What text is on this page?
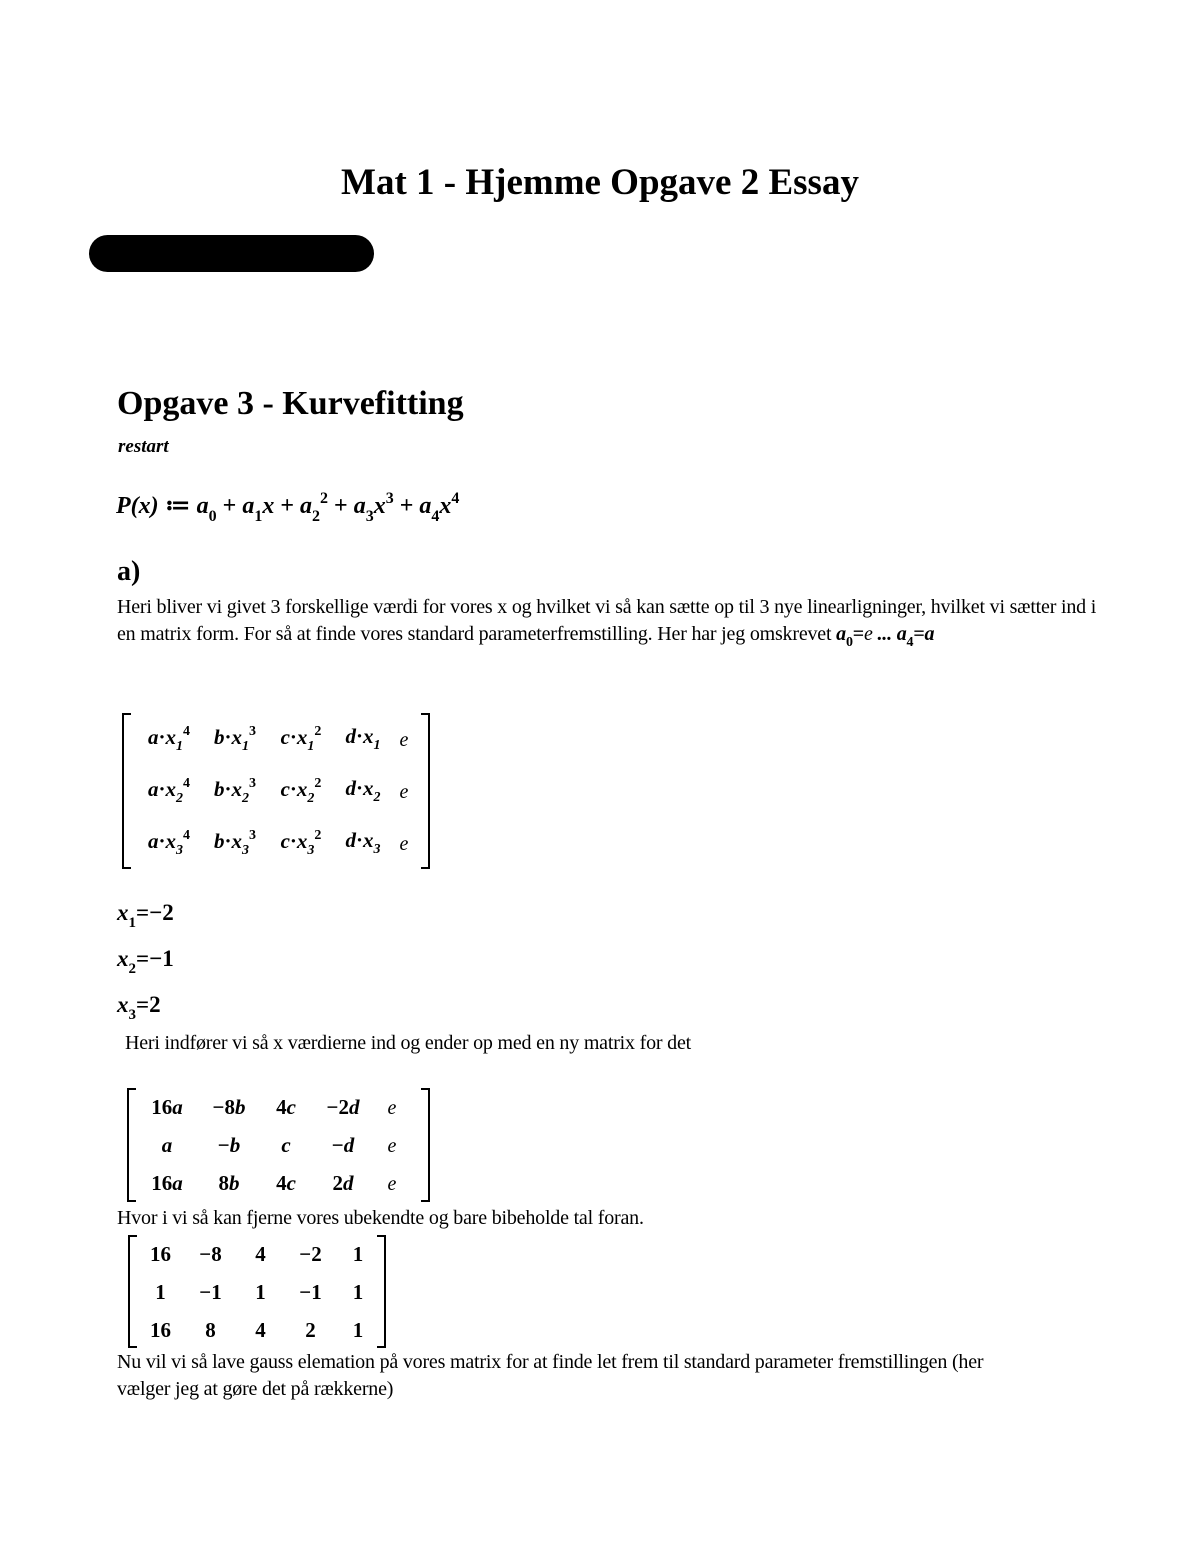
Mat 1 - Hjemme Opgave 2 Essay
Opgave 3 - Kurvefitting
restart
P(x) ≔ $a_0 + a_1x + a_2^2 + a_3x^3 + a_4x^4$
a)
Heri bliver vi givet 3 forskellige værdi for vores x og hvilket vi så kan sætte op til 3 nye linearligninger, hvilket vi sætter ind i en matrix form. For så at finde vores standard parameterfremstilling. Her har jeg omskrevet $a_0=e$ ... $a_4=a$
$a\cdot x_1^4$ $b\cdot x_1^3$ $c\cdot x_1^2$ $d\cdot x_1$ e
$a\cdot x_2^4$ $b\cdot x_2^3$ $c\cdot x_2^2$ $d\cdot x_2$ e
$a\cdot x_3^4$ $b\cdot x_3^3$ $c\cdot x_3^2$ $d\cdot x_3$ e
$x_1=-2$
$x_2=-1$
$x_3=2$
Heri indfører vi så x værdierne ind og ender op med en ny matrix for det
16a −8b 4c −2d e
a −b c −d e
16a 8b 4c 2d e
Hvor i vi så kan fjerne vores ubekendte og bare bibeholde tal foran.
16 −8 4 −2 1
1 −1 1 −1 1
16 8 4 2 1
Nu vil vi så lave gauss elemation på vores matrix for at finde let frem til standard parameter fremstillingen (her vælger jeg at gøre det på rækkerne)
